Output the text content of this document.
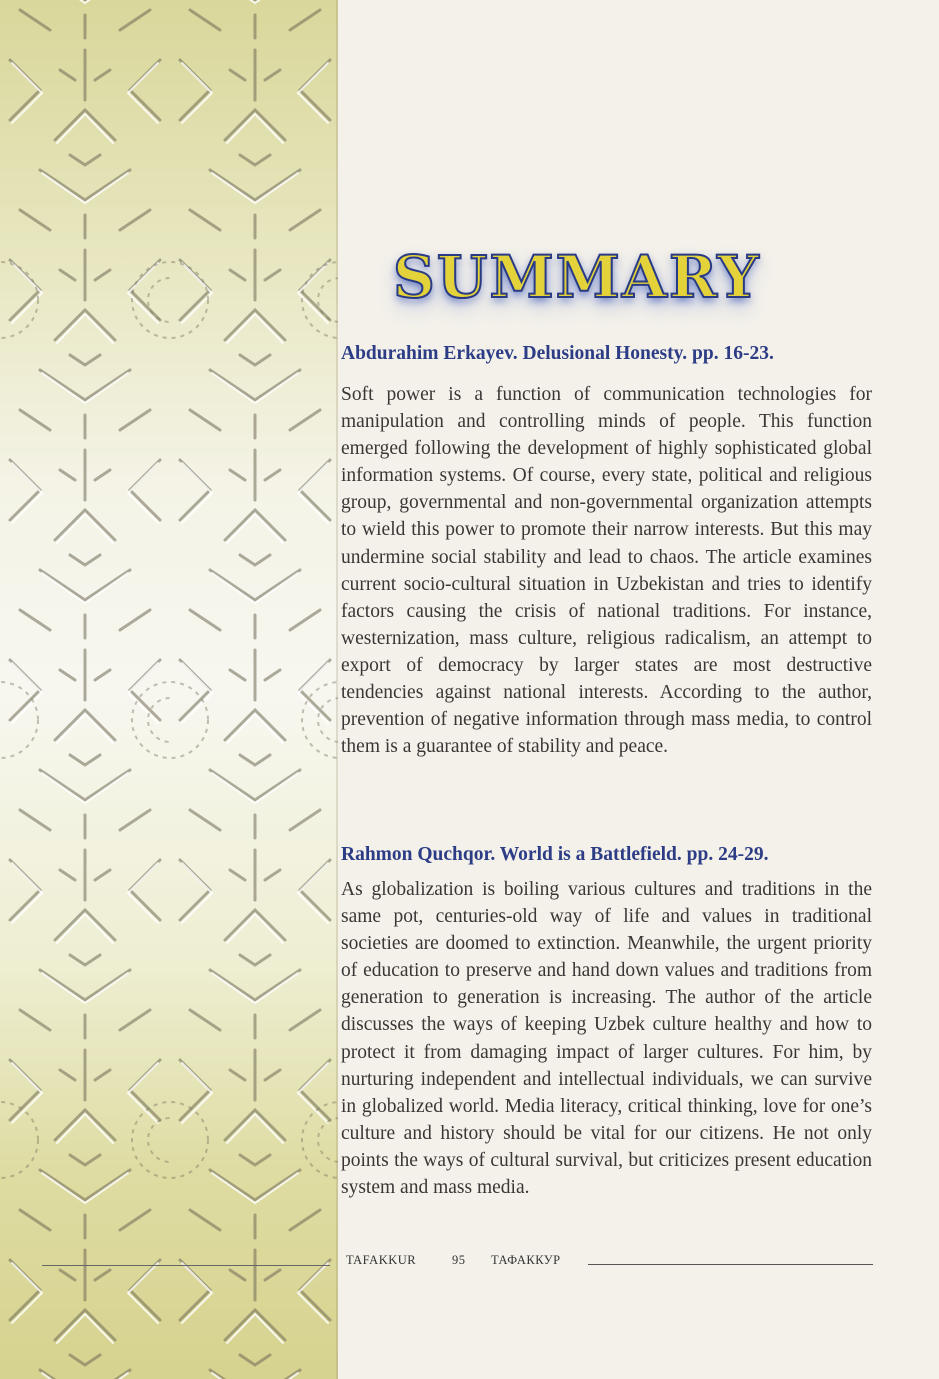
SUMMARY
Abdurahim Erkayev. Delusional Honesty. pp. 16-23.

Soft power is a function of communication technologies for manipulation and controlling minds of people. This function emerged following the development of highly sophisticated global information systems. Of course, every state, political and religious group, governmental and non-governmental organization attempts to wield this power to promote their narrow interests. But this may undermine social stability and lead to chaos. The article examines current socio-cultural situation in Uzbekistan and tries to identify factors causing the crisis of national traditions. For instance, westernization, mass culture, religious radicalism, an attempt to export of democracy by larger states are most destructive tendencies against national interests. According to the author, prevention of negative information through mass media, to control them is a guarantee of stability and peace.

Rahmon Quchqor. World is a Battlefield. pp. 24-29.

As globalization is boiling various cultures and traditions in the same pot, centuries-old way of life and values in traditional societies are doomed to extinction. Meanwhile, the urgent priority of education to preserve and hand down values and traditions from generation to generation is increasing. The author of the article discusses the ways of keeping Uzbek culture healthy and how to protect it from damaging impact of larger cultures. For him, by nurturing independent and intellectual individuals, we can survive in globalized world. Media literacy, critical thinking, love for one’s culture and history should be vital for our citizens. He not only points the ways of cultural survival, but criticizes present education system and mass media.

TAFAKKUR	95 ТАФАККУР
